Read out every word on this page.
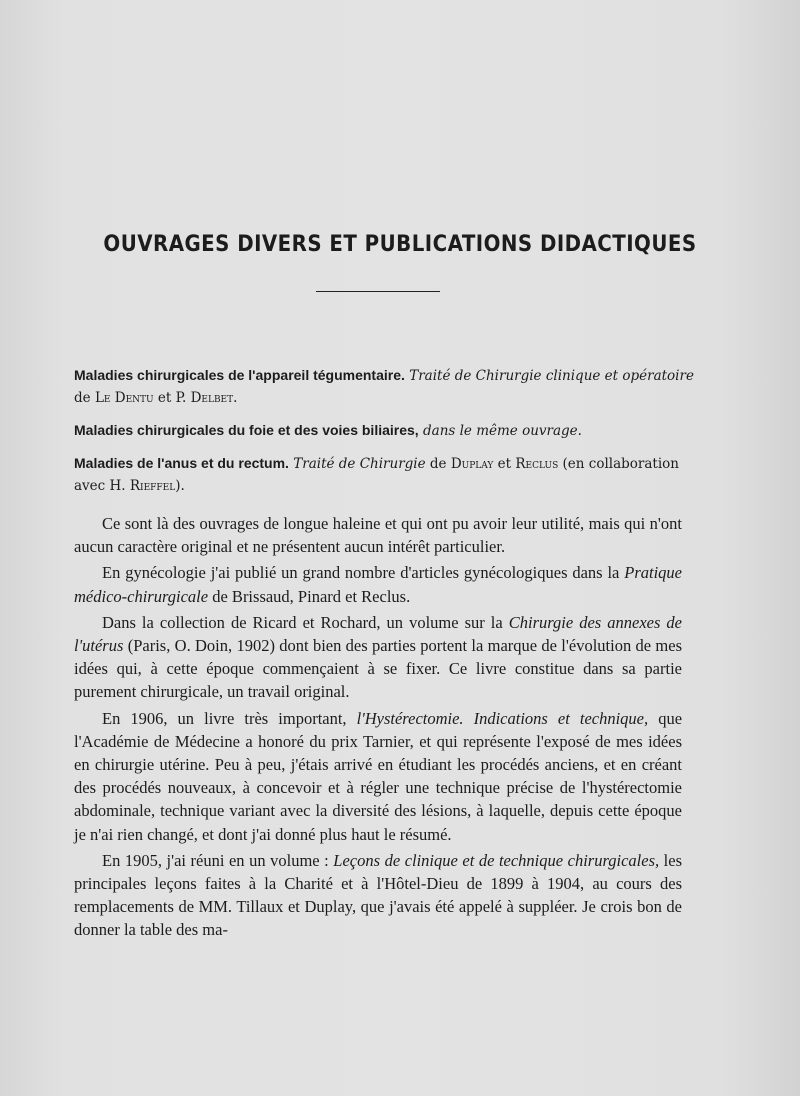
OUVRAGES DIVERS ET PUBLICATIONS DIDACTIQUES
Maladies chirurgicales de l'appareil tégumentaire. Traité de Chirurgie clinique et opératoire de Le Dentu et P. Delbet.
Maladies chirurgicales du foie et des voies biliaires, dans le même ouvrage.
Maladies de l'anus et du rectum. Traité de Chirurgie de Duplay et Reclus (en collaboration avec H. Rieffel).

Ce sont là des ouvrages de longue haleine et qui ont pu avoir leur utilité, mais qui n'ont aucun caractère original et ne présentent aucun intérêt particulier.

En gynécologie j'ai publié un grand nombre d'articles gynécologiques dans la Pratique médico-chirurgicale de Brissaud, Pinard et Reclus.

Dans la collection de Ricard et Rochard, un volume sur la Chirurgie des annexes de l'utérus (Paris, O. Doin, 1902) dont bien des parties portent la marque de l'évolution de mes idées qui, à cette époque commençaient à se fixer. Ce livre constitue dans sa partie purement chirurgicale, un travail original.

En 1906, un livre très important, l'Hystérectomie. Indications et technique, que l'Académie de Médecine a honoré du prix Tarnier, et qui représente l'exposé de mes idées en chirurgie utérine. Peu à peu, j'étais arrivé en étudiant les procédés anciens, et en créant des procédés nouveaux, à concevoir et à régler une technique précise de l'hystérectomie abdominale, technique variant avec la diversité des lésions, à laquelle, depuis cette époque je n'ai rien changé, et dont j'ai donné plus haut le résumé.

En 1905, j'ai réuni en un volume : Leçons de clinique et de technique chirurgicales, les principales leçons faites à la Charité et à l'Hôtel-Dieu de 1899 à 1904, au cours des remplacements de MM. Tillaux et Duplay, que j'avais été appelé à suppléer. Je crois bon de donner la table des ma-
